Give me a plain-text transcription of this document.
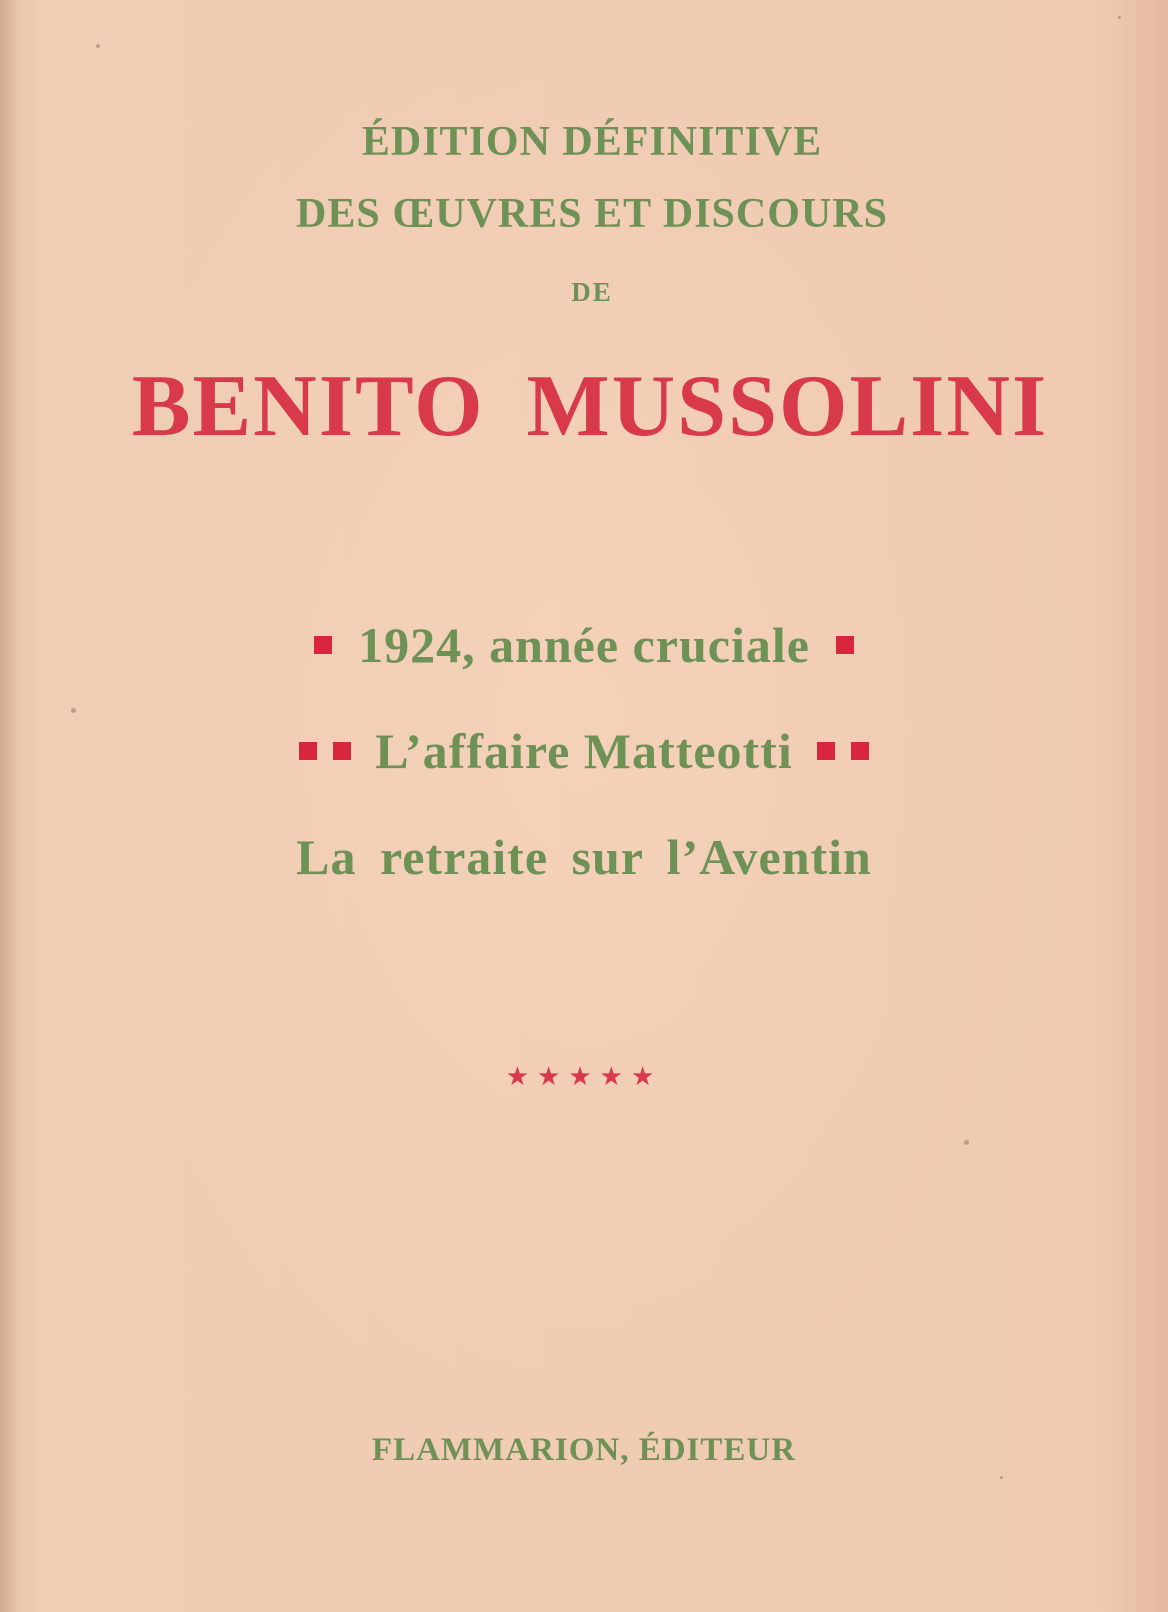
ÉDITION DÉFINITIVE
DES ŒUVRES ET DISCOURS
DE
BENITO MUSSOLINI
1924, année cruciale
L’affaire Matteotti
La retraite sur l’Aventin
★★★★★
FLAMMARION, ÉDITEUR
